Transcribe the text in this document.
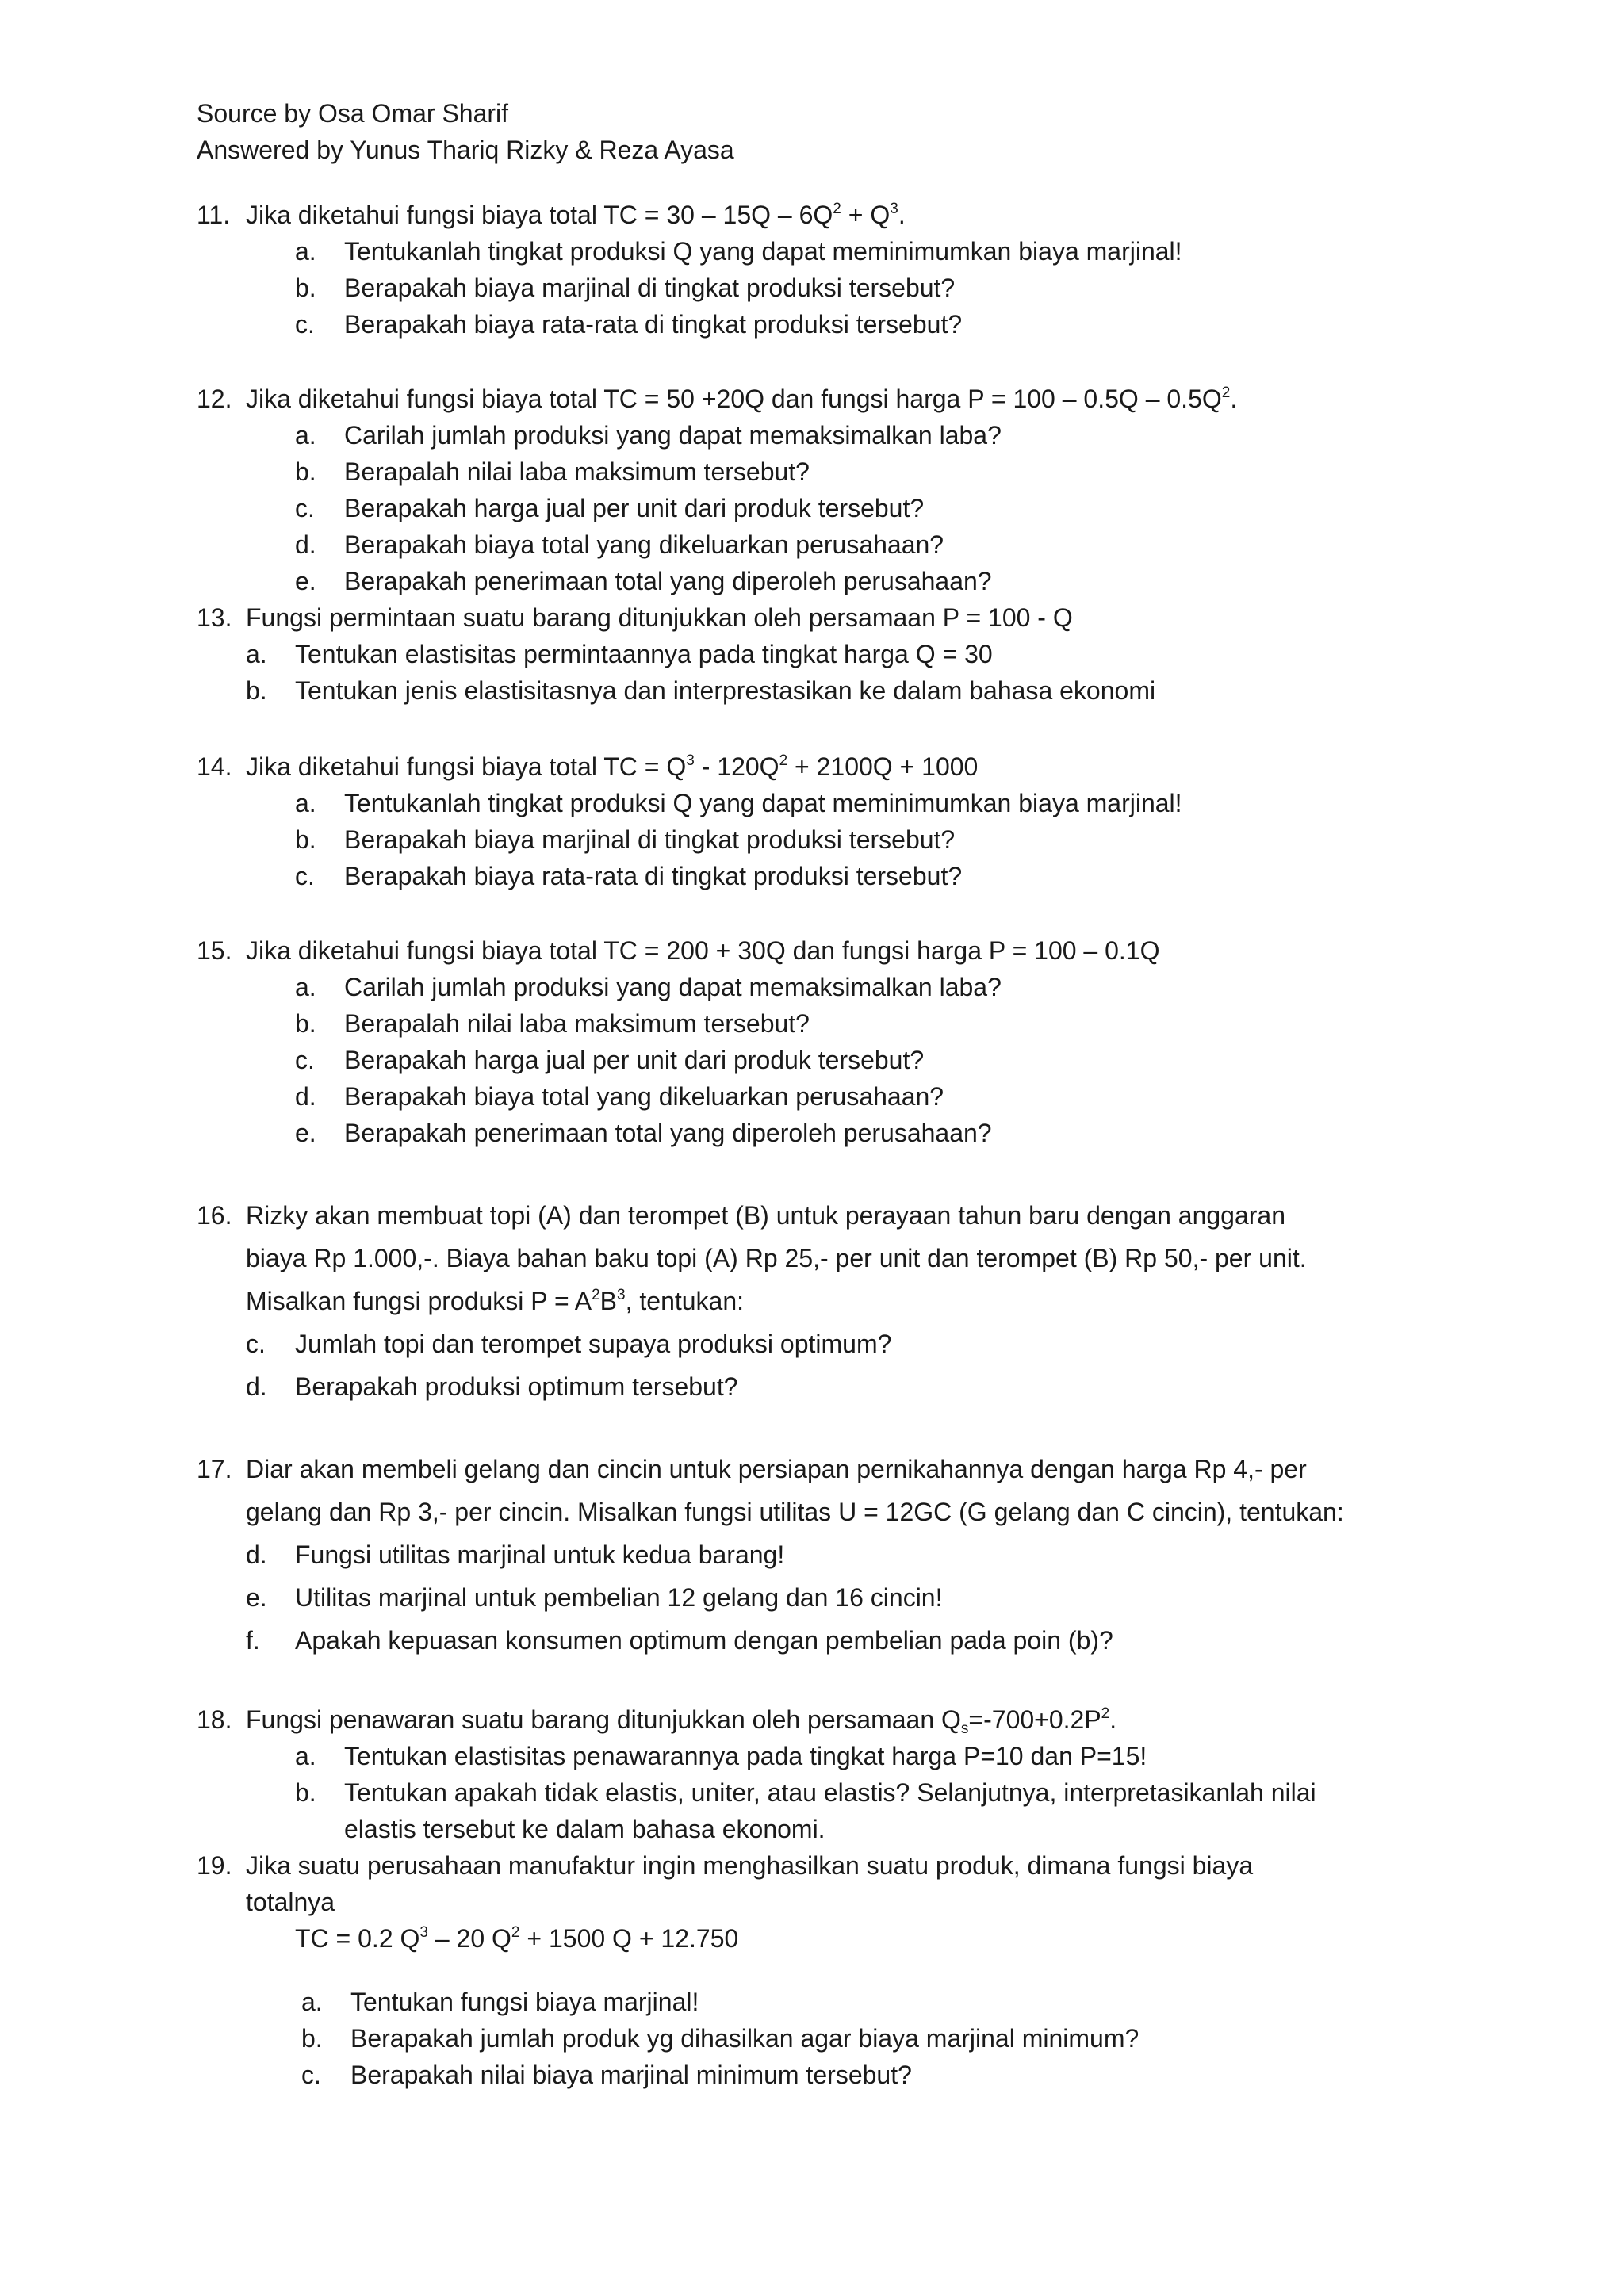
Source by Osa Omar Sharif
Answered by Yunus Thariq Rizky & Reza Ayasa
11. Jika diketahui fungsi biaya total TC = $30 - 15Q - 6Q^2 + Q^3$.
a. Tentukanlah tingkat produksi Q yang dapat meminimumkan biaya marjinal!
b. Berapakah biaya marjinal di tingkat produksi tersebut?
c. Berapakah biaya rata-rata di tingkat produksi tersebut?
12. Jika diketahui fungsi biaya total TC = 50 +20Q dan fungsi harga $P = 100 - 0.5Q - 0.5Q^2$.
a. Carilah jumlah produksi yang dapat memaksimalkan laba?
b. Berapalah nilai laba maksimum tersebut?
c. Berapakah harga jual per unit dari produk tersebut?
d. Berapakah biaya total yang dikeluarkan perusahaan?
e. Berapakah penerimaan total yang diperoleh perusahaan?
13. Fungsi permintaan suatu barang ditunjukkan oleh persamaan P = 100 - Q
a. Tentukan elastisitas permintaannya pada tingkat harga Q = 30
b. Tentukan jenis elastisitasnya dan interprestasikan ke dalam bahasa ekonomi
14. Jika diketahui fungsi biaya total TC = $Q^3 - 120Q^2 + 2100Q + 1000$
a. Tentukanlah tingkat produksi Q yang dapat meminimumkan biaya marjinal!
b. Berapakah biaya marjinal di tingkat produksi tersebut?
c. Berapakah biaya rata-rata di tingkat produksi tersebut?
15. Jika diketahui fungsi biaya total TC = 200 + 30Q dan fungsi harga P = 100 – 0.1Q
a. Carilah jumlah produksi yang dapat memaksimalkan laba?
b. Berapalah nilai laba maksimum tersebut?
c. Berapakah harga jual per unit dari produk tersebut?
d. Berapakah biaya total yang dikeluarkan perusahaan?
e. Berapakah penerimaan total yang diperoleh perusahaan?
16. Rizky akan membuat topi (A) dan terompet (B) untuk perayaan tahun baru dengan anggaran
biaya Rp 1.000,-. Biaya bahan baku topi (A) Rp 25,- per unit dan terompet (B) Rp 50,- per unit.
Misalkan fungsi produksi $P = A^2B^3$, tentukan:
c. Jumlah topi dan terompet supaya produksi optimum?
d. Berapakah produksi optimum tersebut?
17. Diar akan membeli gelang dan cincin untuk persiapan pernikahannya dengan harga Rp 4,- per
gelang dan Rp 3,- per cincin. Misalkan fungsi utilitas U = 12GC (G gelang dan C cincin), tentukan:
d. Fungsi utilitas marjinal untuk kedua barang!
e. Utilitas marjinal untuk pembelian 12 gelang dan 16 cincin!
f. Apakah kepuasan konsumen optimum dengan pembelian pada poin (b)?
18. Fungsi penawaran suatu barang ditunjukkan oleh persamaan $Q_s=-700+0.2P^2$.
a. Tentukan elastisitas penawarannya pada tingkat harga P=10 dan P=15!
b. Tentukan apakah tidak elastis, uniter, atau elastis? Selanjutnya, interpretasikanlah nilai
elastis tersebut ke dalam bahasa ekonomi.
19. Jika suatu perusahaan manufaktur ingin menghasilkan suatu produk, dimana fungsi biaya
totalnya
TC = 0.2 $Q^3 - 20$ $Q^2 + 1500$ Q + 12.750
a. Tentukan fungsi biaya marjinal!
b. Berapakah jumlah produk yg dihasilkan agar biaya marjinal minimum?
c. Berapakah nilai biaya marjinal minimum tersebut?
